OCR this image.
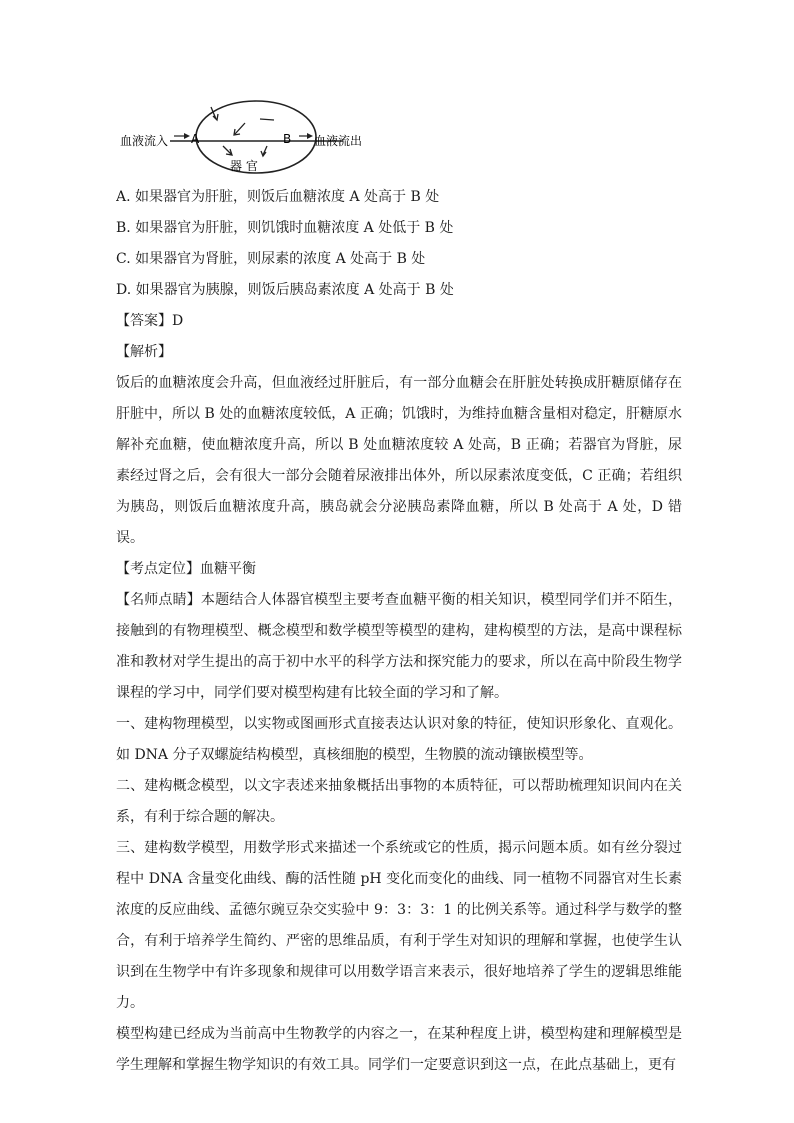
血液流入 A	B 血液流出
器 官
A. 如果器官为肝脏，则饭后血糖浓度 A 处高于 B 处
B. 如果器官为肝脏，则饥饿时血糖浓度 A 处低于 B 处
C. 如果器官为肾脏，则尿素的浓度 A 处高于 B 处
D. 如果器官为胰腺，则饭后胰岛素浓度 A 处高于 B 处
【答案】D
【解析】

饭后的血糖浓度会升高，但血液经过肝脏后，有一部分血糖会在肝脏处转换成肝糖原储存在肝脏中，所以 B 处的血糖浓度较低，A 正确；饥饿时，为维持血糖含量相对稳定，肝糖原水解补充血糖，使血糖浓度升高，所以 B 处血糖浓度较 A 处高，B 正确；若器官为肾脏，尿素经过肾之后，会有很大一部分会随着尿液排出体外，所以尿素浓度变低，C 正确；若组织为胰岛，则饭后血糖浓度升高，胰岛就会分泌胰岛素降血糖，所以 B 处高于 A 处，D 错误。

【考点定位】血糖平衡

【名师点睛】本题结合人体器官模型主要考查血糖平衡的相关知识，模型同学们并不陌生，接触到的有物理模型、概念模型和数学模型等模型的建构，建构模型的方法，是高中课程标准和教材对学生提出的高于初中水平的科学方法和探究能力的要求，所以在高中阶段生物学课程的学习中，同学们要对模型构建有比较全面的学习和了解。

一、建构物理模型，以实物或图画形式直接表达认识对象的特征，使知识形象化、直观化。如 DNA 分子双螺旋结构模型，真核细胞的模型，生物膜的流动镶嵌模型等。

二、建构概念模型，以文字表述来抽象概括出事物的本质特征，可以帮助梳理知识间内在关系，有利于综合题的解决。

三、建构数学模型，用数学形式来描述一个系统或它的性质，揭示问题本质。如有丝分裂过程中 DNA 含量变化曲线、酶的活性随 pH 变化而变化的曲线、同一植物不同器官对生长素浓度的反应曲线、孟德尔豌豆杂交实验中 9：3：3：1 的比例关系等。通过科学与数学的整合，有利于培养学生简约、严密的思维品质，有利于学生对知识的理解和掌握，也使学生认识到在生物学中有许多现象和规律可以用数学语言来表示，很好地培养了学生的逻辑思维能力。

模型构建已经成为当前高中生物教学的内容之一，在某种程度上讲，模型构建和理解模型是学生理解和掌握生物学知识的有效工具。同学们一定要意识到这一点，在此点基础上，更有
